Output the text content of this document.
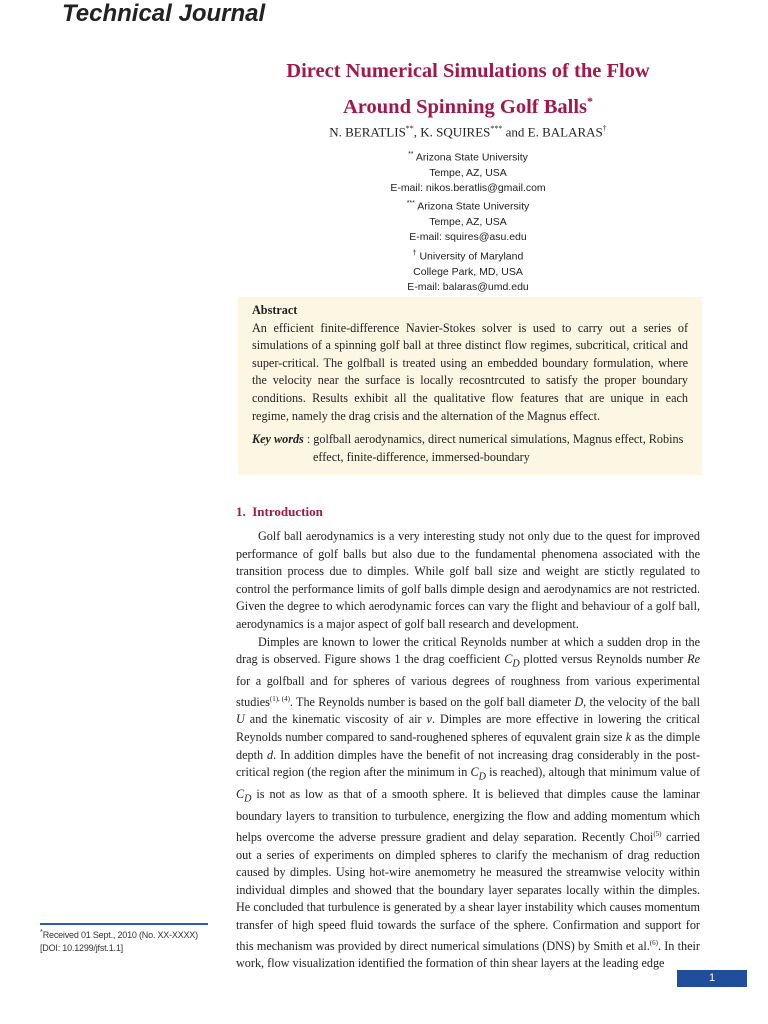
Technical Journal
Direct Numerical Simulations of the Flow
Around Spinning Golf Balls*
N. BERATLIS**, K. SQUIRES*** and E. BALARAS†
** Arizona State University
Tempe, AZ, USA
E-mail: nikos.beratlis@gmail.com
*** Arizona State University
Tempe, AZ, USA
E-mail: squires@asu.edu
† University of Maryland
College Park, MD, USA
E-mail: balaras@umd.edu
Abstract
An efficient finite-difference Navier-Stokes solver is used to carry out a series of simulations of a spinning golf ball at three distinct flow regimes, subcritical, critical and super-critical. The golfball is treated using an embedded boundary formulation, where the velocity near the surface is locally recosntrcuted to satisfy the proper boundary conditions. Results exhibit all the qualitative flow features that are unique in each regime, namely the drag crisis and the alternation of the Magnus effect.
Key words : golfball aerodynamics, direct numerical simulations, Magnus effect, Robins
effect, finite-difference, immersed-boundary
1. Introduction

Golf ball aerodynamics is a very interesting study not only due to the quest for improved performance of golf balls but also due to the fundamental phenomena associated with the transition process due to dimples. While golf ball size and weight are stictly regulated to control the performance limits of golf balls dimple design and aerodynamics are not restricted. Given the degree to which aerodynamic forces can vary the flight and behaviour of a golf ball, aerodynamics is a major aspect of golf ball research and development.

Dimples are known to lower the critical Reynolds number at which a sudden drop in the drag is observed. Figure shows 1 the drag coefficient $C_D$ plotted versus Reynolds number Re for a golfball and for spheres of various degrees of roughness from various experimental studies$^{(1), (4)}$. The Reynolds number is based on the golf ball diameter D, the velocity of the ball U and the kinematic viscosity of air ν. Dimples are more effective in lowering the critical Reynolds number compared to sand-roughened spheres of equvalent grain size k as the dimple depth d. In addition dimples have the benefit of not increasing drag considerably in the post-critical region (the region after the minimum in $C_D$ is reached), altough that minimum value of $C_D$ is not as low as that of a smooth sphere. It is believed that dimples cause the laminar boundary layers to transition to turbulence, energizing the flow and adding momentum which helps overcome the adverse pressure gradient and delay separation. Recently Choi$^{(5)}$ carried out a series of experiments on dimpled spheres to clarify the mechanism of drag reduction caused by dimples. Using hot-wire anemometry he measured the streamwise velocity within individual dimples and showed that the boundary layer separates locally within the dimples. He concluded that turbulence is generated by a shear layer instability which causes momentum transfer of high speed fluid towards the surface of the sphere. Confirmation and support for this mechanism was provided by direct numerical simulations (DNS) by Smith et al.$^{(6)}$. In their work, flow visualization identified the formation of thin shear layers at the leading edge

*Received 01 Sept., 2010 (No. XX-XXXX)
[DOI: 10.1299/jfst.1.1]
1
